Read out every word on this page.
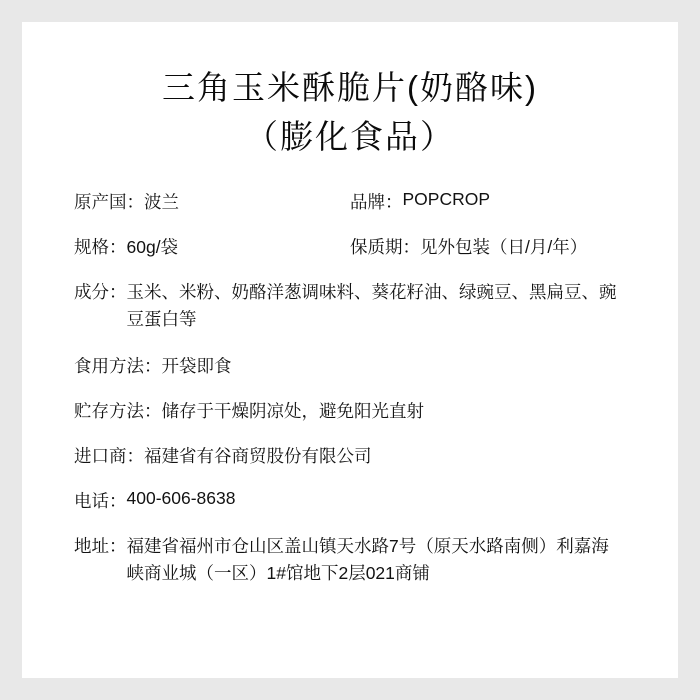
三角玉米酥脆片(奶酪味)
（膨化食品）
原产国： 波兰	品牌： POPCROP
规格： 60g/袋	保质期： 见外包装（日/月/年）
成分： 玉米、米粉、奶酪洋葱调味料、葵花籽油、绿豌豆、黑扁豆、豌豆蛋白等
食用方法： 开袋即食
贮存方法： 储存于干燥阴凉处，避免阳光直射
进口商： 福建省有谷商贸股份有限公司
电话： 400-606-8638
地址： 福建省福州市仓山区盖山镇天水路7号（原天水路南侧）利嘉海峡商业城（一区）1#馆地下2层021商铺
